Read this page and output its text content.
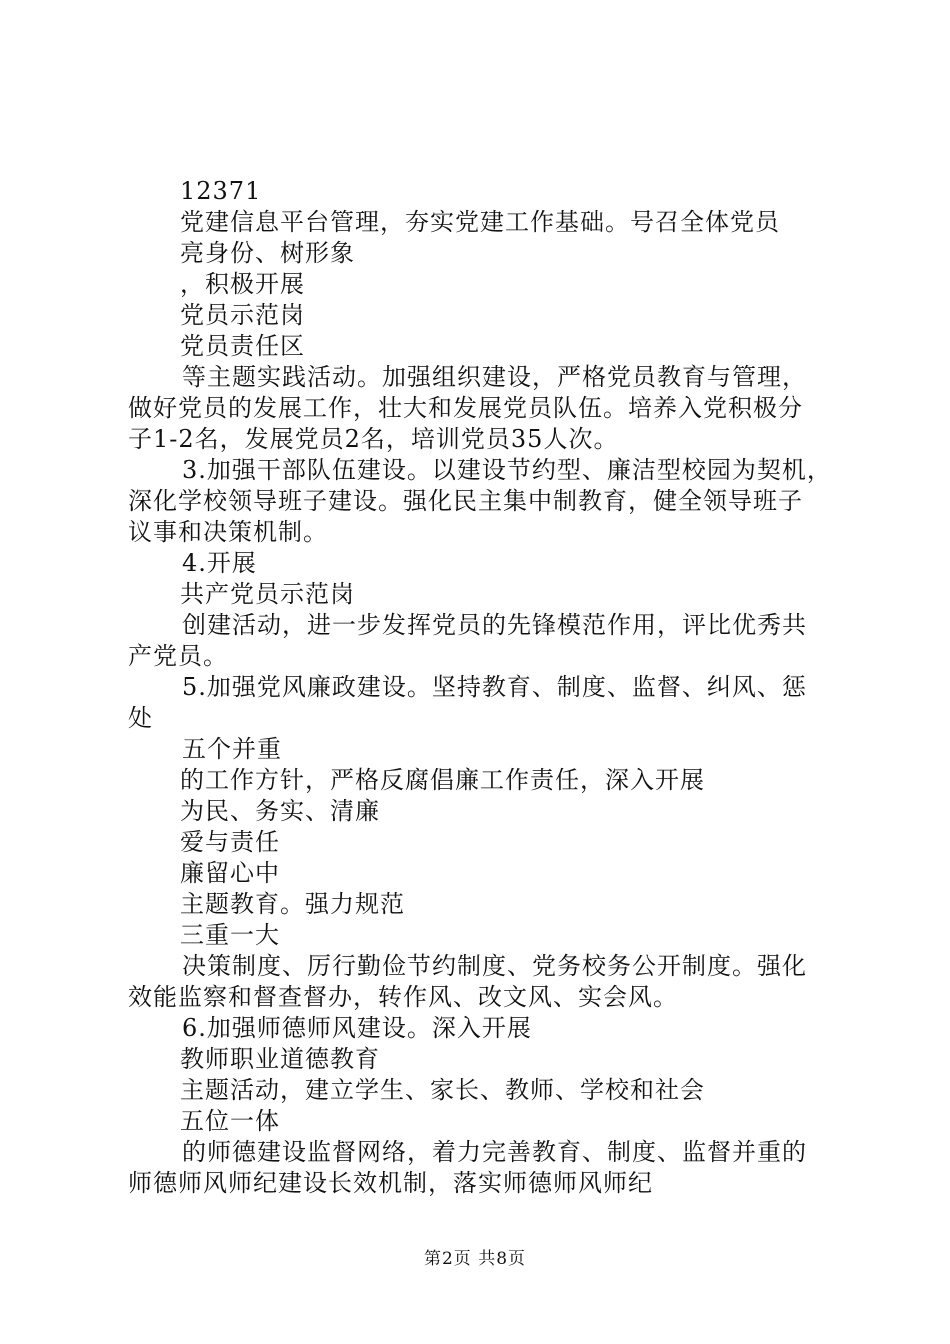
12371
党建信息平台管理，夯实党建工作基础。号召全体党员
亮身份、树形象
，积极开展
党员示范岗
党员责任区
等主题实践活动。加强组织建设，严格党员教育与管理，
做好党员的发展工作，壮大和发展党员队伍。培养入党积极分
子1-2名，发展党员2名，培训党员35人次。
3.加强干部队伍建设。以建设节约型、廉洁型校园为契机，
深化学校领导班子建设。强化民主集中制教育，健全领导班子
议事和决策机制。
4.开展
共产党员示范岗
创建活动，进一步发挥党员的先锋模范作用，评比优秀共
产党员。
5.加强党风廉政建设。坚持教育、制度、监督、纠风、惩
处
五个并重
的工作方针，严格反腐倡廉工作责任，深入开展
为民、务实、清廉
爱与责任
廉留心中
主题教育。强力规范
三重一大
决策制度、厉行勤俭节约制度、党务校务公开制度。强化
效能监察和督查督办，转作风、改文风、实会风。
6.加强师德师风建设。深入开展
教师职业道德教育
主题活动，建立学生、家长、教师、学校和社会
五位一体
的师德建设监督网络，着力完善教育、制度、监督并重的
师德师风师纪建设长效机制，落实师德师风师纪
第2页 共8页
